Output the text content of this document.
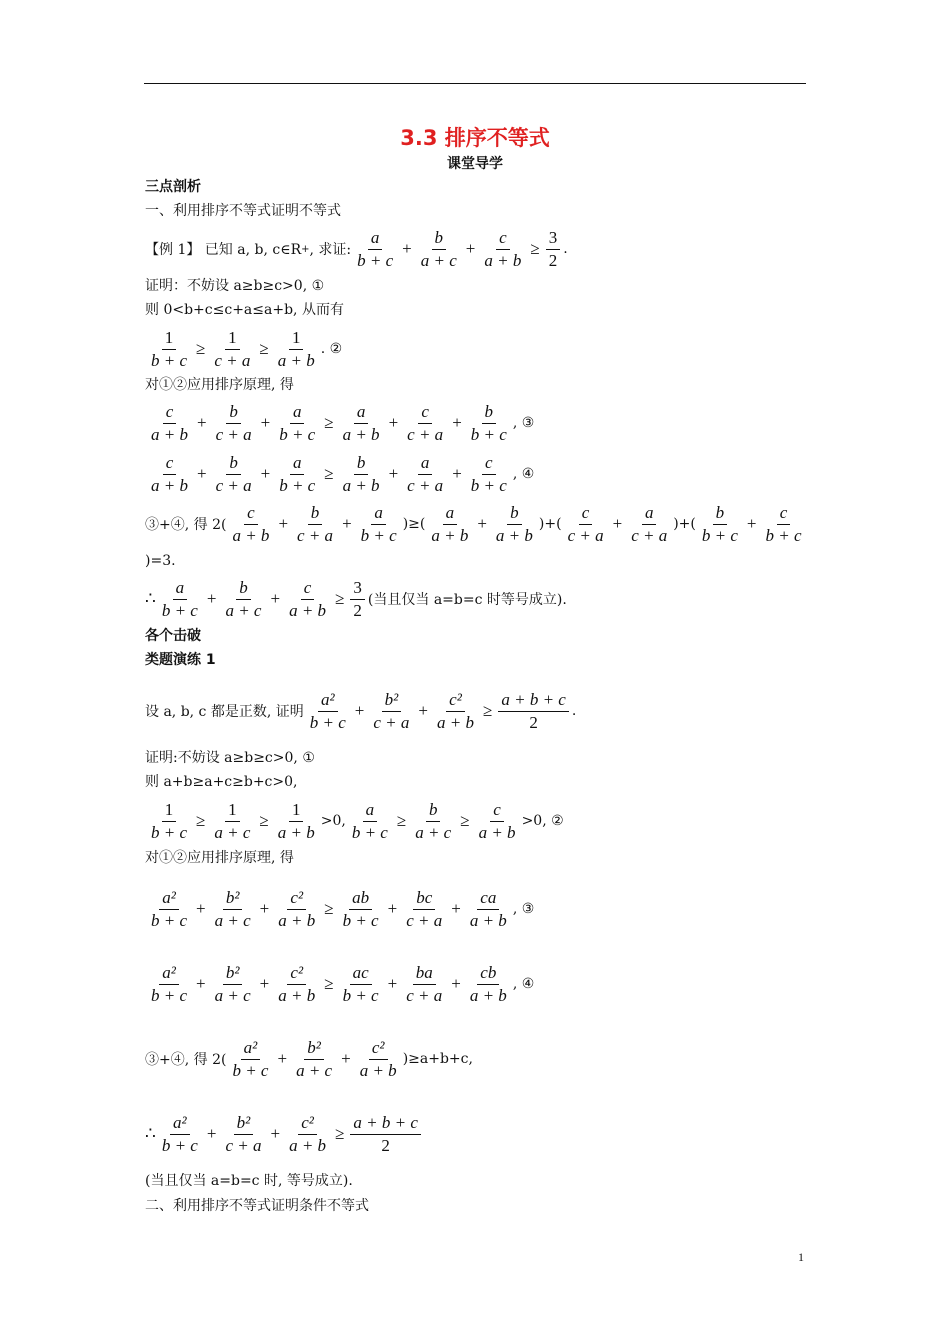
3.3 排序不等式
课堂导学
三点剖析
一、利用排序不等式证明不等式
【例 1】 已知 a, b, c∈R + , 求证: $\frac{a}{b + c} + \frac{b}{a + c} + \frac{c}{a + b} \ge \frac{3}{2}$ .
证明：不妨设 a≥b≥c>0, ①
则 0<b+c≤c+a≤a+b, 从而有
$\frac{1}{b + c} \ge \frac{1}{c + a} \ge \frac{1}{a + b}$ . ②
对①②应用排序原理, 得
$\frac{c}{a + b} + \frac{b}{c + a} + \frac{a}{b + c} \ge \frac{a}{a + b} + \frac{c}{c + a} + \frac{b}{b + c}$ , ③
$\frac{c}{a + b} + \frac{b}{c + a} + \frac{a}{b + c} \ge \frac{b}{a + b} + \frac{a}{c + a} + \frac{c}{b + c}$ , ④
③+④, 得 $2( \frac{c}{a + b} + \frac{b}{c + a} + \frac{a}{b + c}$ )≥( $\frac{a}{a + b} + \frac{b}{a + b}$ )+( $\frac{c}{c + a} + \frac{a}{c + a}$ )+( $\frac{b}{b + c} + \frac{c}{b + c}$
)=3.
∴ $\frac{a}{b + c} + \frac{b}{a + c} + \frac{c}{a + b} \ge \frac{3}{2}$ (当且仅当 a=b=c 时等号成立).
各个击破
类题演练 1
设 a, b, c 都是正数, 证明 $\frac{\text{a²}}{b + c} + \frac{\text{b²}}{c + a} + \frac{\text{c²}}{a + b} \ge \frac{a + b + c}{2}$ .
证明:不妨设 a≥b≥c>0, ①
则 a+b≥a+c≥b+c>0,
$\frac{1}{b + c} \ge \frac{1}{a + c} \ge \frac{1}{a + b} >0$, $\frac{a}{b + c} \ge \frac{b}{a + c} \ge \frac{c}{a + b} >0$, ②
对①②应用排序原理, 得
$\frac{\text{a²}}{b + c} + \frac{\text{b²}}{a + c} + \frac{\text{c²}}{a + b} \ge \frac{ab}{b + c} + \frac{bc}{c + a} + \frac{ca}{a + b}$ , ③
$\frac{\text{a²}}{b + c} + \frac{\text{b²}}{a + c} + \frac{\text{c²}}{a + b} \ge \frac{ac}{b + c} + \frac{ba}{c + a} + \frac{cb}{a + b}$ , ④
③+④, 得 $2( \frac{\text{a²}}{b + c} + \frac{\text{b²}}{a + c} + \frac{\text{c²}}{a + b} )\ge a+b+c$,
∴ $\frac{\text{a²}}{b + c} + \frac{\text{b²}}{c + a} + \frac{\text{c²}}{a + b} \ge \frac{a + b + c}{2}$
(当且仅当 a=b=c 时, 等号成立).
二、利用排序不等式证明条件不等式
1
